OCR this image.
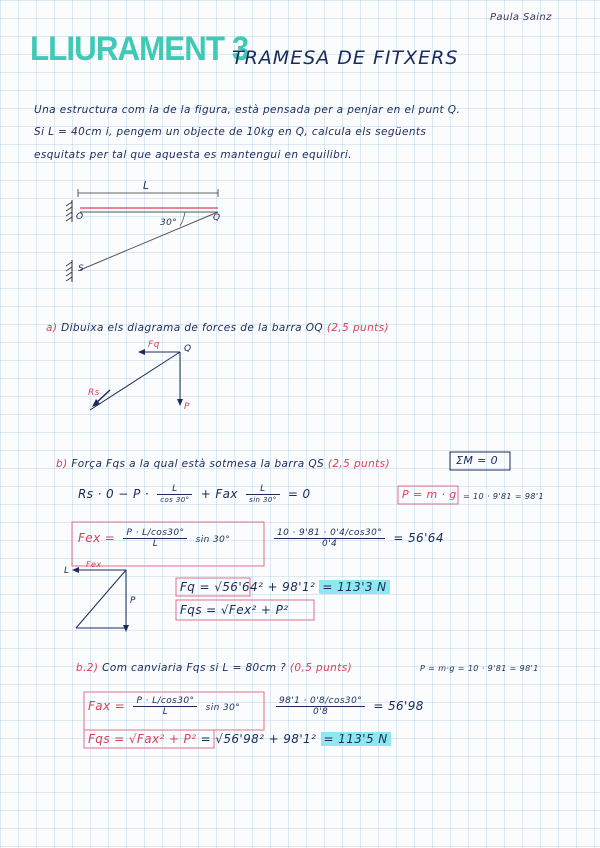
Paula Sainz
LLIURAMENT 3
TRAMESA DE FITXERS
Una estructura com la de la figura, està pensada per a penjar en el punt Q.
Si L = 40cm i, pengem un objecte de 10kg en Q, calcula els següents
esquitats per tal que aquesta es mantengui en equilibri.
L
O	Q
S
30°
a) Dibuixa els diagrama de forces de la barra OQ (2,5 punts)
Fq	Q
Rs
P
b) Força Fqs a la qual està sotmesa la barra QS (2,5 punts)	ΣM = 0
$Rs \cdot 0 - P \cdot \frac{L}{\cos 30^\circ}$ + Fax $\frac{L}{\sin 30^\circ} = 0$	P = m · g = 10 · 9'81 = 98'1
Fex = $\frac{P \cdot L/\cos 30^\circ}{L}$ sin 30°	$\frac{10 \cdot 9'81 \cdot 0'4/\cos 30^\circ}{0'4} = 56'64$
Fex
P
L
Fq = √56'64² + 98'1² = 113'3 N
Fqs = √Fex² + P²
b.2) Com canviaria Fqs si L = 80cm ? (0,5 punts)	P = m·g = 10 · 9'81 = 98'1
Fax = $\frac{P \cdot L/\cos 30^\circ}{L}$ sin 30°	$\frac{98'1 \cdot 0'8/\cos 30^\circ}{0'8} = 56'98$
Fqs = √Fax² + P² = √56'98² + 98'1² = 113'5 N
